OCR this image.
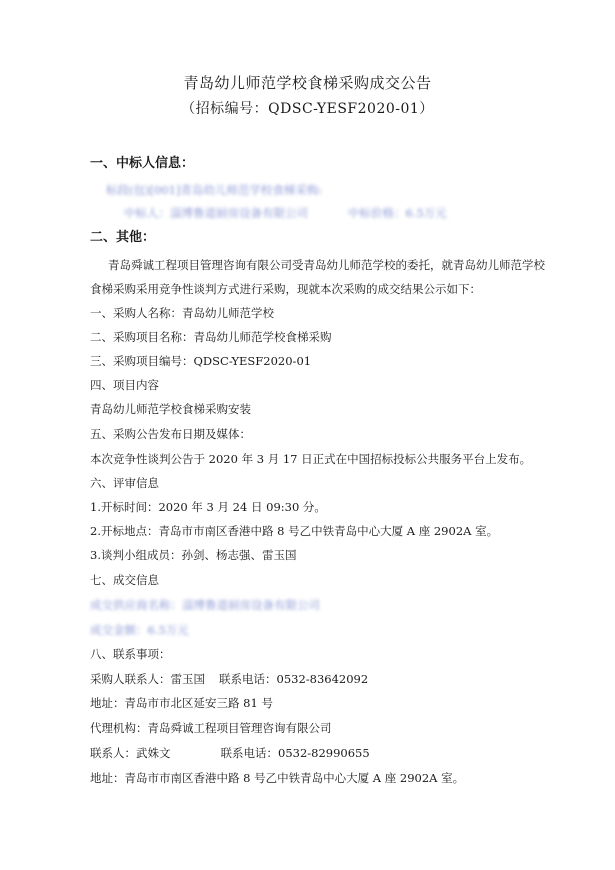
青岛幼儿师范学校食梯采购成交公告
（招标编号：QDSC-YESF2020-01）
一、中标人信息：
标段(包)[001]青岛幼儿师范学校食梯采购:
中标人：淄博鲁道厨房设备有限公司	中标价格：6.5万元
二、其他：
青岛舜诚工程项目管理咨询有限公司受青岛幼儿师范学校的委托，就青岛幼儿师范学校
食梯采购采用竞争性谈判方式进行采购，现就本次采购的成交结果公示如下：
一、采购人名称：青岛幼儿师范学校
二、采购项目名称：青岛幼儿师范学校食梯采购
三、采购项目编号：QDSC-YESF2020-01
四、项目内容
青岛幼儿师范学校食梯采购安装
五、采购公告发布日期及媒体：
本次竞争性谈判公告于 2020 年 3 月 17 日正式在中国招标投标公共服务平台上发布。
六、评审信息
1.开标时间：2020 年 3 月 24 日 09:30 分。
2.开标地点：青岛市市南区香港中路 8 号乙中铁青岛中心大厦 A 座 2902A 室。
3.谈判小组成员：孙剑、杨志强、雷玉国
七、成交信息
成交供应商名称：淄博鲁道厨房设备有限公司
成交金额：6.5万元
八、联系事项：
采购人联系人：雷玉国 联系电话：0532-83642092
地址：青岛市市北区延安三路 81 号
代理机构：青岛舜诚工程项目管理咨询有限公司
联系人：武姝文	联系电话：0532-82990655
地址：青岛市市南区香港中路 8 号乙中铁青岛中心大厦 A 座 2902A 室。
